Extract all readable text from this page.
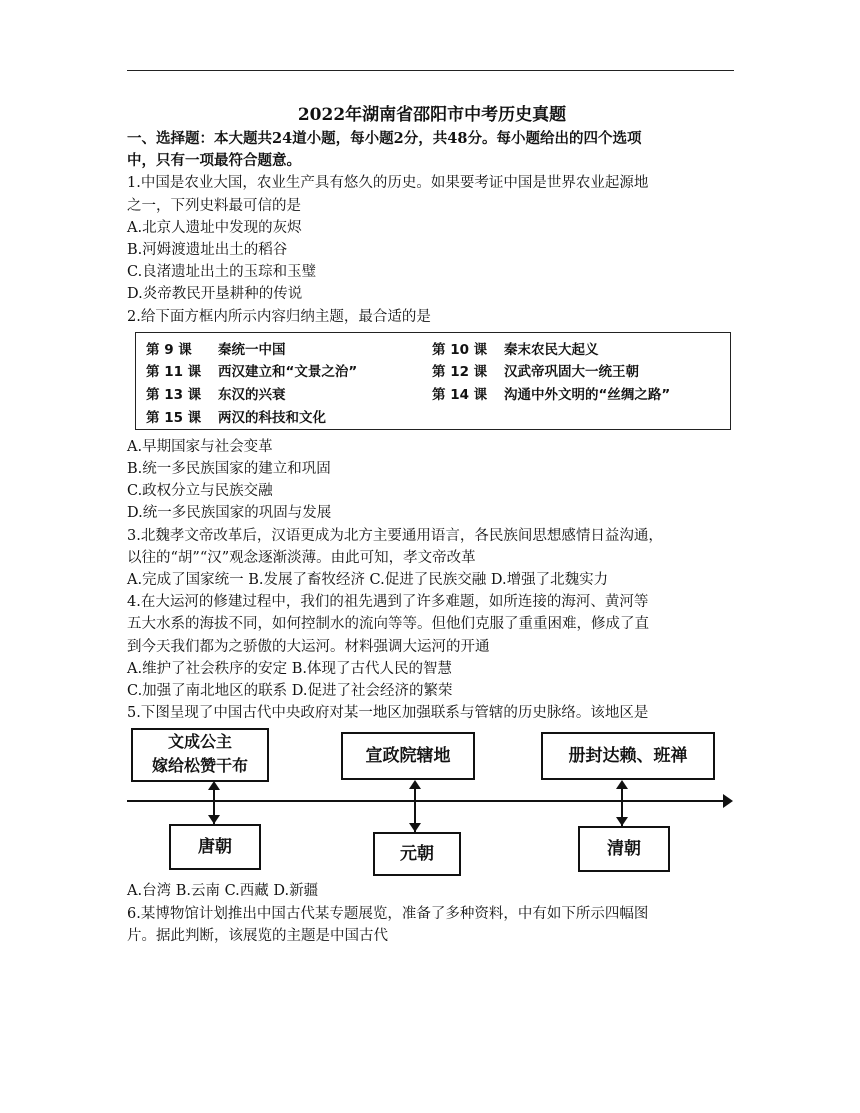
2022年湖南省邵阳市中考历史真题
一、选择题：本大题共24道小题，每小题2分，共48分。每小题给出的四个选项
中，只有一项最符合题意。
1.中国是农业大国，农业生产具有悠久的历史。如果要考证中国是世界农业起源地
之一，下列史料最可信的是
A.北京人遗址中发现的灰烬
B.河姆渡遗址出土的稻谷
C.良渚遗址出土的玉琮和玉璧
D.炎帝教民开垦耕种的传说
2.给下面方框内所示内容归纳主题，最合适的是
第 9 课 秦统一中国	第 10 课 秦末农民大起义
第 11 课 西汉建立和“文景之治”	第 12 课 汉武帝巩固大一统王朝
第 13 课 东汉的兴衰	第 14 课 沟通中外文明的“丝绸之路”
第 15 课 两汉的科技和文化
A.早期国家与社会变革
B.统一多民族国家的建立和巩固
C.政权分立与民族交融
D.统一多民族国家的巩固与发展
3.北魏孝文帝改革后，汉语更成为北方主要通用语言，各民族间思想感情日益沟通，
以往的“胡”“汉”观念逐渐淡薄。由此可知，孝文帝改革
A.完成了国家统一 B.发展了畜牧经济 C.促进了民族交融 D.增强了北魏实力
4.在大运河的修建过程中，我们的祖先遇到了许多难题，如所连接的海河、黄河等
五大水系的海拔不同，如何控制水的流向等等。但他们克服了重重困难，修成了直
到今天我们都为之骄傲的大运河。材料强调大运河的开通
A.维护了社会秩序的安定 B.体现了古代人民的智慧
C.加强了南北地区的联系 D.促进了社会经济的繁荣
5.下图呈现了中国古代中央政府对某一地区加强联系与管辖的历史脉络。该地区是
文成公主
嫁给松赞干布	宣政院辖地	册封达赖、班禅
唐朝	元朝	清朝
A.台湾 B.云南 C.西藏 D.新疆
6.某博物馆计划推出中国古代某专题展览，准备了多种资料，中有如下所示四幅图
片。据此判断，该展览的主题是中国古代
